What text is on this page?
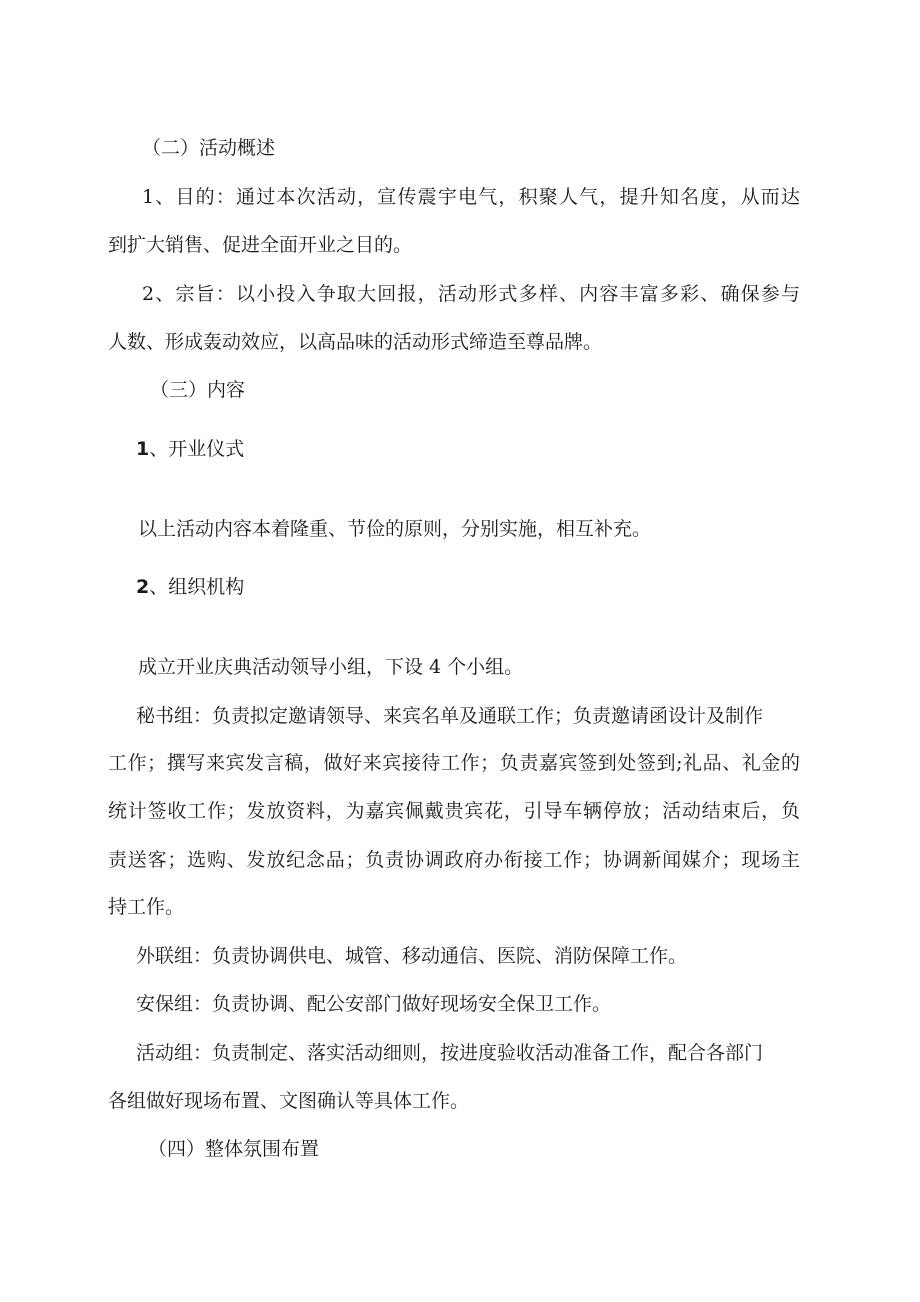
（二）活动概述
1、目的：通过本次活动，宣传震宇电气，积聚人气，提升知名度，从而达
到扩大销售、促进全面开业之目的。
2、宗旨：以小投入争取大回报，活动形式多样、内容丰富多彩、确保参与
人数、形成轰动效应，以高品味的活动形式缔造至尊品牌。
（三）内容
1、开业仪式
以上活动内容本着隆重、节俭的原则，分别实施，相互补充。
2、组织机构
成立开业庆典活动领导小组，下设 4 个小组。
秘书组：负责拟定邀请领导、来宾名单及通联工作；负责邀请函设计及制作
工作；撰写来宾发言稿，做好来宾接待工作；负责嘉宾签到处签到;礼品、礼金的
统计签收工作；发放资料，为嘉宾佩戴贵宾花，引导车辆停放；活动结束后，负
责送客；选购、发放纪念品；负责协调政府办衔接工作；协调新闻媒介；现场主
持工作。
外联组：负责协调供电、城管、移动通信、医院、消防保障工作。
安保组：负责协调、配公安部门做好现场安全保卫工作。
活动组：负责制定、落实活动细则，按进度验收活动准备工作，配合各部门
各组做好现场布置、文图确认等具体工作。
（四）整体氛围布置
